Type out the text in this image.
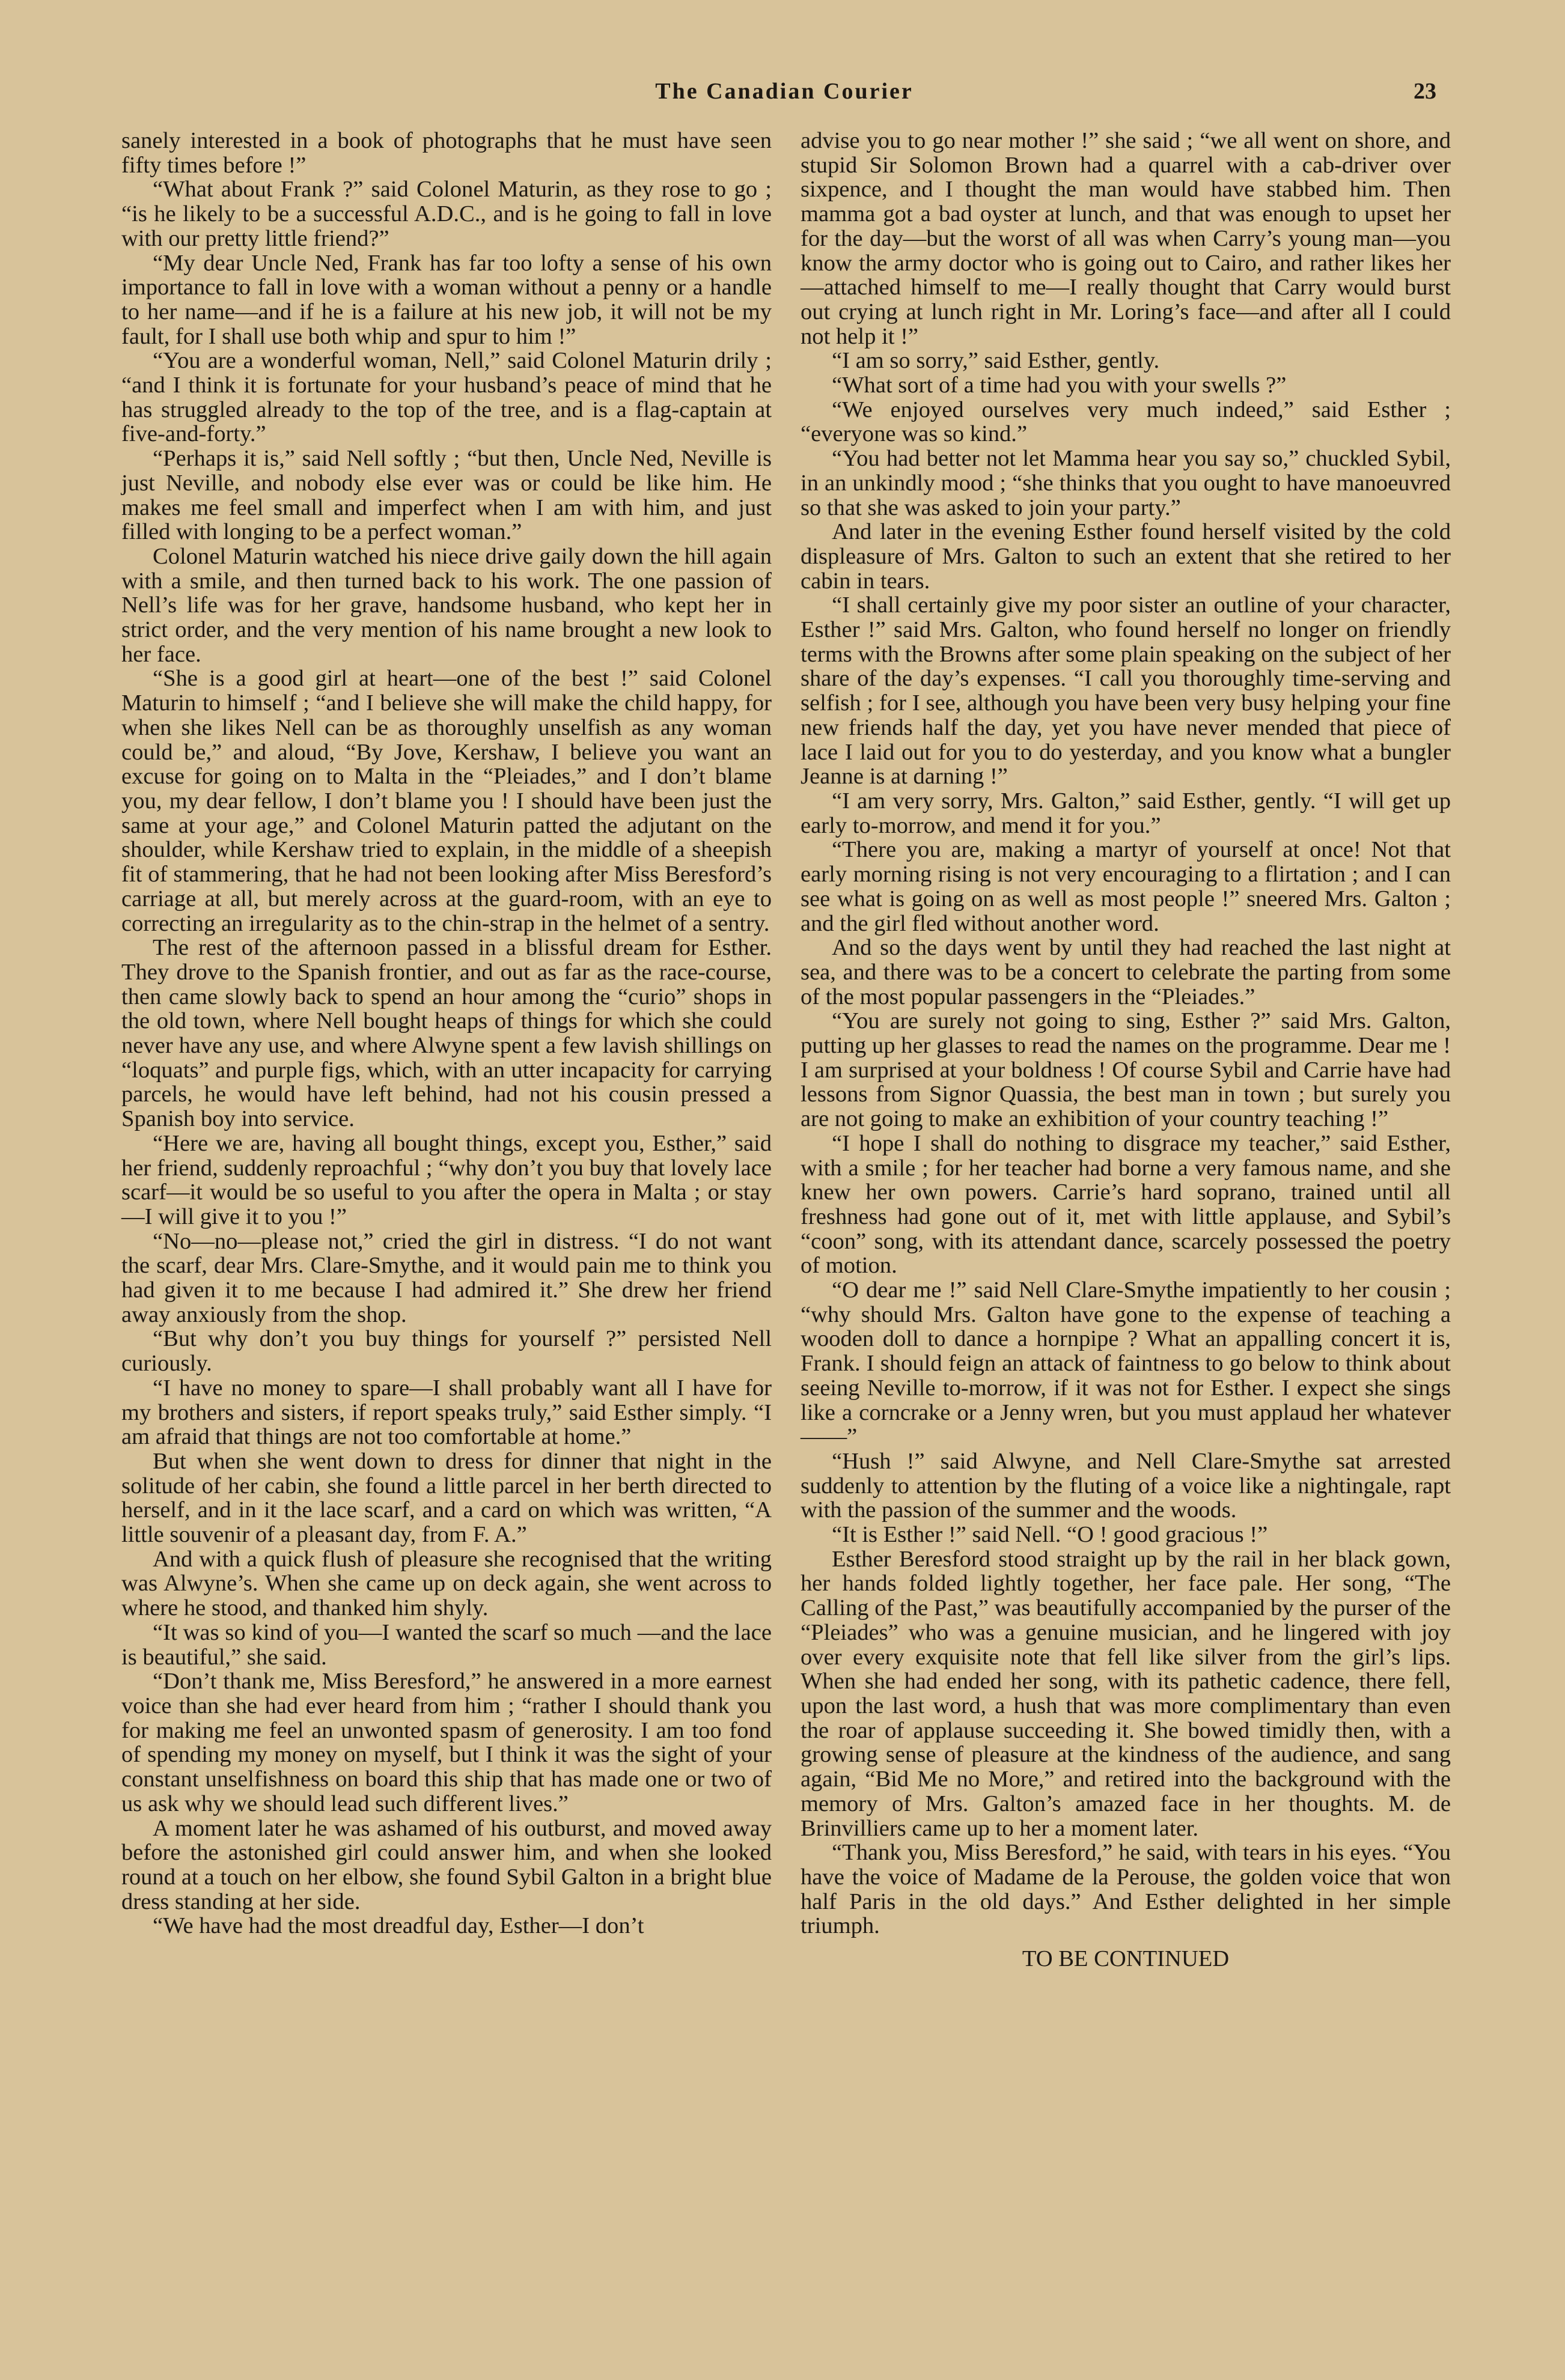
The Canadian Courier	23

sanely interested in a book of photographs that he must have seen fifty times before !”

“What about Frank ?” said Colonel Maturin, as they rose to go ; “is he likely to be a successful A.D.C., and is he going to fall in love with our pretty little friend?”

“My dear Uncle Ned, Frank has far too lofty a sense of his own importance to fall in love with a woman without a penny or a handle to her name—and if he is a failure at his new job, it will not be my fault, for I shall use both whip and spur to him !”

“You are a wonderful woman, Nell,” said Colonel Maturin drily ; “and I think it is fortunate for your husband’s peace of mind that he has struggled already to the top of the tree, and is a flag-captain at five-and-forty.”

“Perhaps it is,” said Nell softly ; “but then, Uncle Ned, Neville is just Neville, and nobody else ever was or could be like him. He makes me feel small and imperfect when I am with him, and just filled with longing to be a perfect woman.”

Colonel Maturin watched his niece drive gaily down the hill again with a smile, and then turned back to his work. The one passion of Nell’s life was for her grave, handsome husband, who kept her in strict order, and the very mention of his name brought a new look to her face.

“She is a good girl at heart—one of the best !” said Colonel Maturin to himself ; “and I believe she will make the child happy, for when she likes Nell can be as thoroughly unselfish as any woman could be,” and aloud, “By Jove, Kershaw, I believe you want an excuse for going on to Malta in the “Pleiades,” and I don’t blame you, my dear fellow, I don’t blame you ! I should have been just the same at your age,” and Colonel Maturin patted the adjutant on the shoulder, while Kershaw tried to explain, in the middle of a sheepish fit of stammering, that he had not been looking after Miss Beresford’s carriage at all, but merely across at the guard-room, with an eye to correcting an irregularity as to the chin-strap in the helmet of a sentry.

The rest of the afternoon passed in a blissful dream for Esther. They drove to the Spanish frontier, and out as far as the race-course, then came slowly back to spend an hour among the “curio” shops in the old town, where Nell bought heaps of things for which she could never have any use, and where Alwyne spent a few lavish shillings on “loquats” and purple figs, which, with an utter incapacity for carrying parcels, he would have left behind, had not his cousin pressed a Spanish boy into service.

“Here we are, having all bought things, except you, Esther,” said her friend, suddenly reproachful ; “why don’t you buy that lovely lace scarf—it would be so useful to you after the opera in Malta ; or stay—I will give it to you !”

“No—no—please not,” cried the girl in distress. “I do not want the scarf, dear Mrs. Clare-Smythe, and it would pain me to think you had given it to me because I had admired it.” She drew her friend away anxiously from the shop.

“But why don’t you buy things for yourself ?” persisted Nell curiously.

“I have no money to spare—I shall probably want all I have for my brothers and sisters, if report speaks truly,” said Esther simply. “I am afraid that things are not too comfortable at home.”

But when she went down to dress for dinner that night in the solitude of her cabin, she found a little parcel in her berth directed to herself, and in it the lace scarf, and a card on which was written, “A little souvenir of a pleasant day, from F. A.”

And with a quick flush of pleasure she recognised that the writing was Alwyne’s. When she came up on deck again, she went across to where he stood, and thanked him shyly.

“It was so kind of you—I wanted the scarf so much —and the lace is beautiful,” she said.

“Don’t thank me, Miss Beresford,” he answered in a more earnest voice than she had ever heard from him ; “rather I should thank you for making me feel an unwonted spasm of generosity. I am too fond of spending my money on myself, but I think it was the sight of your constant unselfishness on board this ship that has made one or two of us ask why we should lead such different lives.”

A moment later he was ashamed of his outburst, and moved away before the astonished girl could answer him, and when she looked round at a touch on her elbow, she found Sybil Galton in a bright blue dress standing at her side.

“We have had the most dreadful day, Esther—I don’t

advise you to go near mother !” she said ; “we all went on shore, and stupid Sir Solomon Brown had a quarrel with a cab-driver over sixpence, and I thought the man would have stabbed him. Then mamma got a bad oyster at lunch, and that was enough to upset her for the day—but the worst of all was when Carry’s young man—you know the army doctor who is going out to Cairo, and rather likes her—attached himself to me—I really thought that Carry would burst out crying at lunch right in Mr. Loring’s face—and after all I could not help it !”

“I am so sorry,” said Esther, gently.

“What sort of a time had you with your swells ?”

“We enjoyed ourselves very much indeed,” said Esther ; “everyone was so kind.”

“You had better not let Mamma hear you say so,” chuckled Sybil, in an unkindly mood ; “she thinks that you ought to have manoeuvred so that she was asked to join your party.”

And later in the evening Esther found herself visited by the cold displeasure of Mrs. Galton to such an extent that she retired to her cabin in tears.

“I shall certainly give my poor sister an outline of your character, Esther !” said Mrs. Galton, who found herself no longer on friendly terms with the Browns after some plain speaking on the subject of her share of the day’s expenses. “I call you thoroughly time-serving and selfish ; for I see, although you have been very busy helping your fine new friends half the day, yet you have never mended that piece of lace I laid out for you to do yesterday, and you know what a bungler Jeanne is at darning !”

“I am very sorry, Mrs. Galton,” said Esther, gently. “I will get up early to-morrow, and mend it for you.”

“There you are, making a martyr of yourself at once! Not that early morning rising is not very encouraging to a flirtation ; and I can see what is going on as well as most people !” sneered Mrs. Galton ; and the girl fled without another word.

And so the days went by until they had reached the last night at sea, and there was to be a concert to celebrate the parting from some of the most popular passengers in the “Pleiades.”

“You are surely not going to sing, Esther ?” said Mrs. Galton, putting up her glasses to read the names on the programme. Dear me ! I am surprised at your boldness ! Of course Sybil and Carrie have had lessons from Signor Quassia, the best man in town ; but surely you are not going to make an exhibition of your country teaching !”

“I hope I shall do nothing to disgrace my teacher,” said Esther, with a smile ; for her teacher had borne a very famous name, and she knew her own powers. Carrie’s hard soprano, trained until all freshness had gone out of it, met with little applause, and Sybil’s “coon” song, with its attendant dance, scarcely possessed the poetry of motion.

“O dear me !” said Nell Clare-Smythe impatiently to her cousin ; “why should Mrs. Galton have gone to the expense of teaching a wooden doll to dance a hornpipe ? What an appalling concert it is, Frank. I should feign an attack of faintness to go below to think about seeing Neville to-morrow, if it was not for Esther. I expect she sings like a corncrake or a Jenny wren, but you must applaud her whatever——”

“Hush !” said Alwyne, and Nell Clare-Smythe sat arrested suddenly to attention by the fluting of a voice like a nightingale, rapt with the passion of the summer and the woods.

“It is Esther !” said Nell. “O ! good gracious !”

Esther Beresford stood straight up by the rail in her black gown, her hands folded lightly together, her face pale. Her song, “The Calling of the Past,” was beautifully accompanied by the purser of the “Pleiades” who was a genuine musician, and he lingered with joy over every exquisite note that fell like silver from the girl’s lips. When she had ended her song, with its pathetic cadence, there fell, upon the last word, a hush that was more complimentary than even the roar of applause succeeding it. She bowed timidly then, with a growing sense of pleasure at the kindness of the audience, and sang again, “Bid Me no More,” and retired into the background with the memory of Mrs. Galton’s amazed face in her thoughts. M. de Brinvilliers came up to her a moment later.

“Thank you, Miss Beresford,” he said, with tears in his eyes. “You have the voice of Madame de la Perouse, the golden voice that won half Paris in the old days.” And Esther delighted in her simple triumph.

TO BE CONTINUED
